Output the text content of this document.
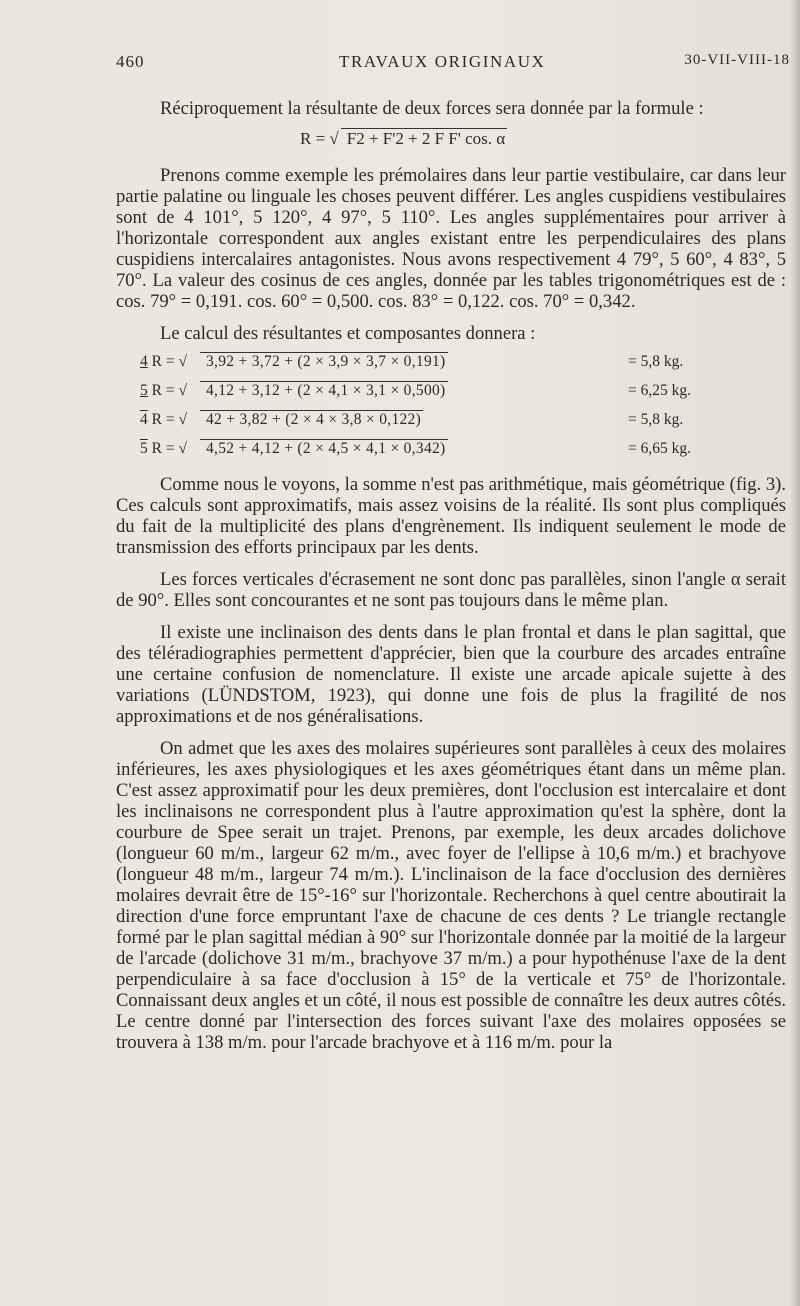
460	TRAVAUX ORIGINAUX	30-VII-VIII-18

Réciproquement la résultante de deux forces sera donnée par la formule :

R = √ F2 + F'2 + 2 F F' cos. α

Prenons comme exemple les prémolaires dans leur partie vestibulaire, car dans leur partie palatine ou linguale les choses peuvent différer. Les angles cuspidiens vestibulaires sont de 4 101°, 5 120°, 4 97°, 5 110°. Les angles supplémentaires pour arriver à l'horizontale correspondent aux angles existant entre les perpendiculaires des plans cuspidiens intercalaires antagonistes. Nous avons respectivement 4 79°, 5 60°, 4 83°, 5 70°. La valeur des cosinus de ces angles, donnée par les tables trigonométriques est de : cos. 79° = 0,191. cos. 60° = 0,500. cos. 83° = 0,122. cos. 70° = 0,342.

Le calcul des résultantes et composantes donnera :

4 R = √	3,92 + 3,72 + (2 × 3,9 × 3,7 × 0,191)	= 5,8 kg.
5 R = √	4,12 + 3,12 + (2 × 4,1 × 3,1 × 0,500)	= 6,25 kg.
4 R = √	42 + 3,82 + (2 × 4 × 3,8 × 0,122)	= 5,8 kg.
5 R = √	4,52 + 4,12 + (2 × 4,5 × 4,1 × 0,342)	= 6,65 kg.

Comme nous le voyons, la somme n'est pas arithmétique, mais géométrique (fig. 3). Ces calculs sont approximatifs, mais assez voisins de la réalité. Ils sont plus compliqués du fait de la multiplicité des plans d'engrènement. Ils indiquent seulement le mode de transmission des efforts principaux par les dents.

Les forces verticales d'écrasement ne sont donc pas parallèles, sinon l'angle α serait de 90°. Elles sont concourantes et ne sont pas toujours dans le même plan.

Il existe une inclinaison des dents dans le plan frontal et dans le plan sagittal, que des téléradiographies permettent d'apprécier, bien que la courbure des arcades entraîne une certaine confusion de nomenclature. Il existe une arcade apicale sujette à des variations (LÜNDSTOM, 1923), qui donne une fois de plus la fragilité de nos approximations et de nos généralisations.

On admet que les axes des molaires supérieures sont parallèles à ceux des molaires inférieures, les axes physiologiques et les axes géométriques étant dans un même plan. C'est assez approximatif pour les deux premières, dont l'occlusion est intercalaire et dont les inclinaisons ne correspondent plus à l'autre approximation qu'est la sphère, dont la courbure de Spee serait un trajet. Prenons, par exemple, les deux arcades dolichove (longueur 60 m/m., largeur 62 m/m., avec foyer de l'ellipse à 10,6 m/m.) et brachyove (longueur 48 m/m., largeur 74 m/m.). L'inclinaison de la face d'occlusion des dernières molaires devrait être de 15°-16° sur l'horizontale. Recherchons à quel centre aboutirait la direction d'une force empruntant l'axe de chacune de ces dents ? Le triangle rectangle formé par le plan sagittal médian à 90° sur l'horizontale donnée par la moitié de la largeur de l'arcade (dolichove 31 m/m., brachyove 37 m/m.) a pour hypothénuse l'axe de la dent perpendiculaire à sa face d'occlusion à 15° de la verticale et 75° de l'horizontale. Connaissant deux angles et un côté, il nous est possible de connaître les deux autres côtés. Le centre donné par l'intersection des forces suivant l'axe des molaires opposées se trouvera à 138 m/m. pour l'arcade brachyove et à 116 m/m. pour la
